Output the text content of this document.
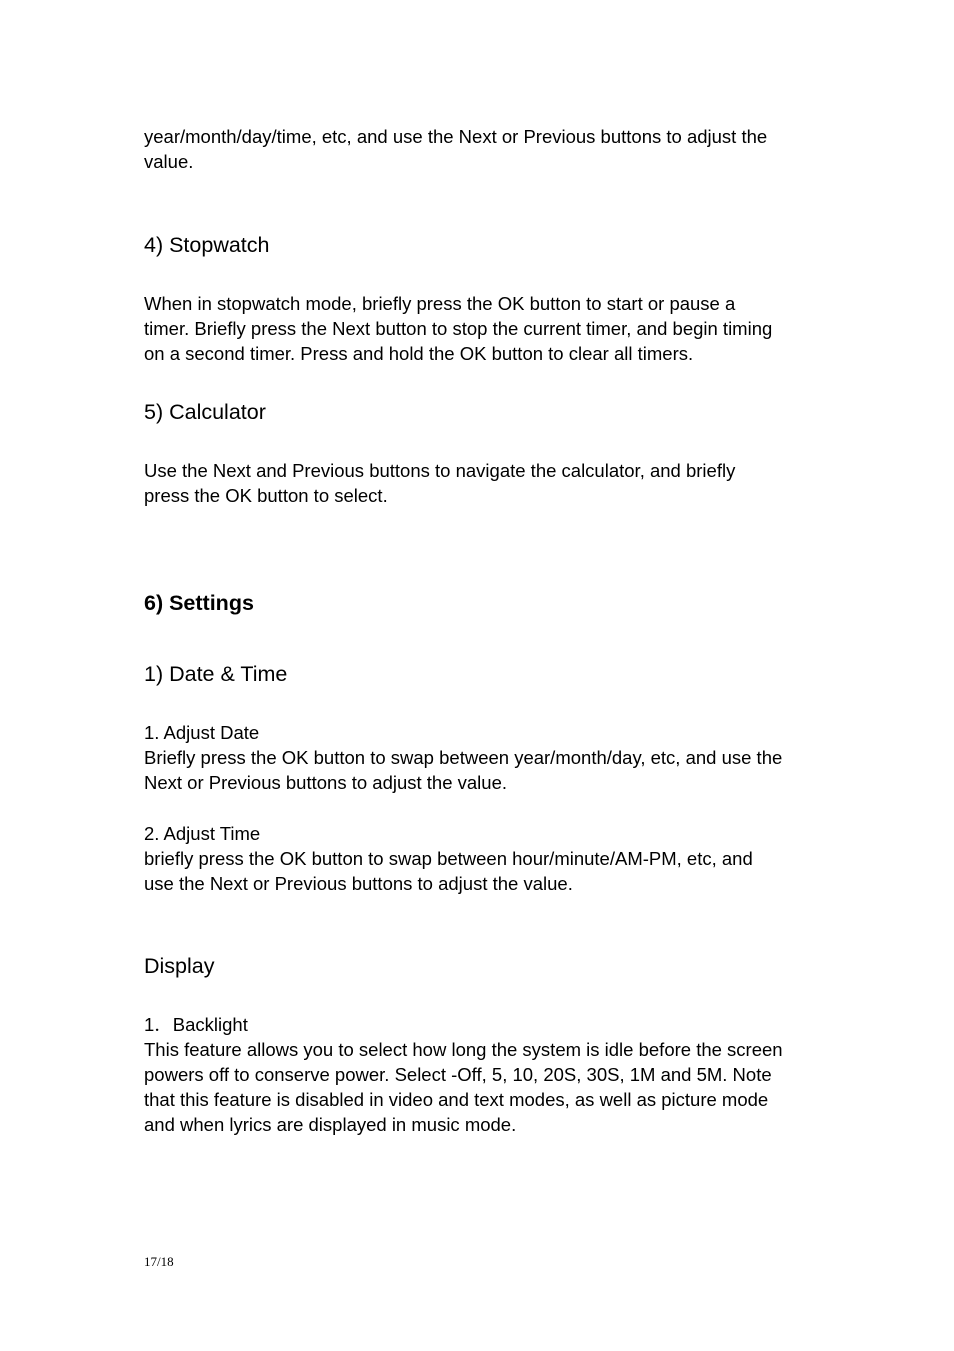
year/month/day/time, etc, and use the Next or Previous buttons to adjust the
value.

4) Stopwatch

When in stopwatch mode, briefly press the OK button to start or pause a
timer. Briefly press the Next button to stop the current timer, and begin timing
on a second timer. Press and hold the OK button to clear all timers.

5) Calculator

Use the Next and Previous buttons to navigate the calculator, and briefly
press the OK button to select.

6) Settings
1) Date & Time

1. Adjust Date
Briefly press the OK button to swap between year/month/day, etc, and use the
Next or Previous buttons to adjust the value.

2. Adjust Time
briefly press the OK button to swap between hour/minute/AM-PM, etc, and
use the Next or Previous buttons to adjust the value.

Display

1．Backlight
This feature allows you to select how long the system is idle before the screen
powers off to conserve power. Select -Off, 5, 10, 20S, 30S, 1M and 5M. Note
that this feature is disabled in video and text modes, as well as picture mode
and when lyrics are displayed in music mode.

17/18
